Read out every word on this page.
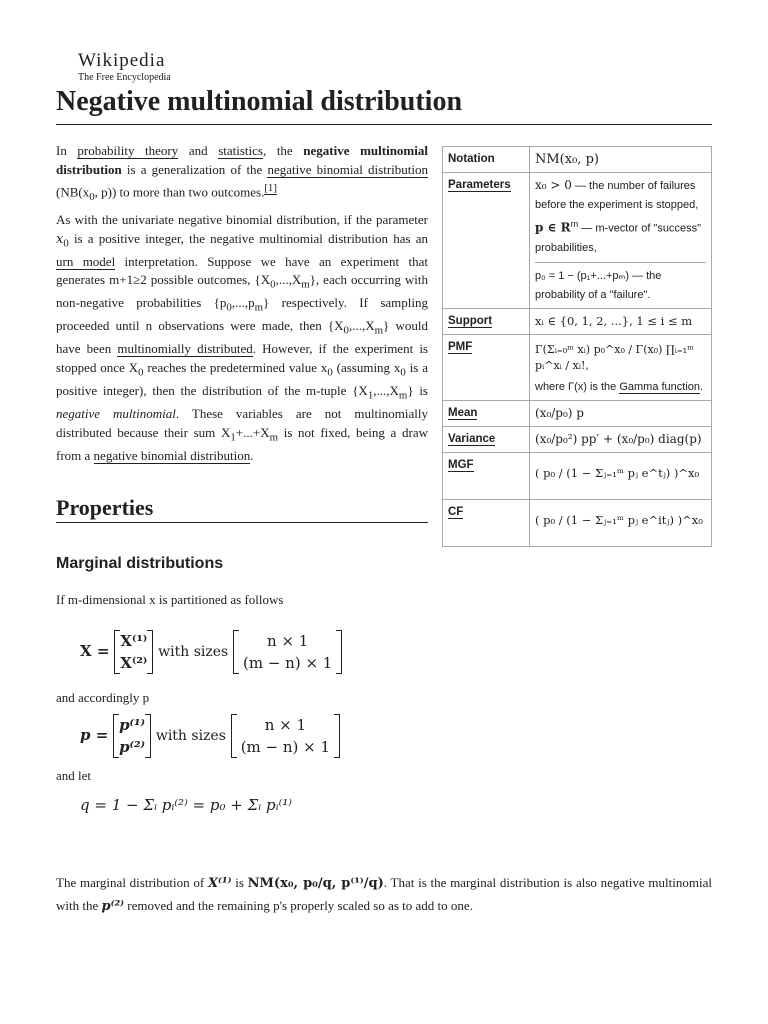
Wikipedia
The Free Encyclopedia
Negative multinomial distribution
In probability theory and statistics, the negative multinomial distribution is a generalization of the negative binomial distribution ($NB(x_0$, p)) to more than two outcomes.[1]
As with the univariate negative binomial distribution, if the parameter $x_0$ is a positive integer, the negative multinomial distribution has an urn model interpretation. Suppose we have an experiment that generates m+1≥2 possible outcomes, $\{X_0,...,X_m\}$, each occurring with non-negative probabilities $\{p_0,...,p_m\}$ respectively. If sampling proceeded until n observations were made, then $\{X_0,...,X_m\}$ would have been multinomially distributed. However, if the experiment is stopped once $X_0$ reaches the predetermined value $x_0$ (assuming $x_0$ is a positive integer), then the distribution of the m-tuple $\{X_1,...,X_m\}$ is negative multinomial. These variables are not multinomially distributed because their sum $X_1+...+X_m$ is not fixed, being a draw from a negative binomial distribution.
Notation	NM(x₀, p)
Parameters	x₀ > 0 — the number of failures before the experiment is stopped,
p ∈ $R^m$ — m-vector of "success" probabilities,
p₀ = 1 − (p₁+...+pₘ) — the probability of a "failure".
Support	xᵢ ∈ {0, 1, 2, ...}, 1 ≤ i ≤ m
PMF	Γ(Σᵢ₌₀ᵐ xᵢ) p₀^x₀ / Γ(x₀) ∏ᵢ₌₁ᵐ pᵢ^xᵢ / xᵢ!,
where Γ(x) is the Gamma function.
Mean	(x₀/p₀) p
Variance	(x₀/p₀²) pp′ + (x₀/p₀) diag(p)
MGF	( p₀ / (1 − Σⱼ₌₁ᵐ pⱼ e^tⱼ) )^x₀
CF	( p₀ / (1 − Σⱼ₌₁ᵐ pⱼ e^itⱼ) )^x₀
Properties
Marginal distributions
If m-dimensional x is partitioned as follows
X = X⁽¹⁾
X⁽²⁾ with sizes n × 1
(m − n) × 1
and accordingly p
p = p⁽¹⁾
p⁽²⁾ with sizes n × 1
(m − n) × 1
and let
q = 1 − Σᵢ pᵢ⁽²⁾ = p₀ + Σᵢ pᵢ⁽¹⁾
The marginal distribution of X⁽¹⁾ is NM(x₀, p₀/q, p⁽¹⁾/q). That is the marginal distribution is also negative multinomial with the p⁽²⁾ removed and the remaining p's properly scaled so as to add to one.
